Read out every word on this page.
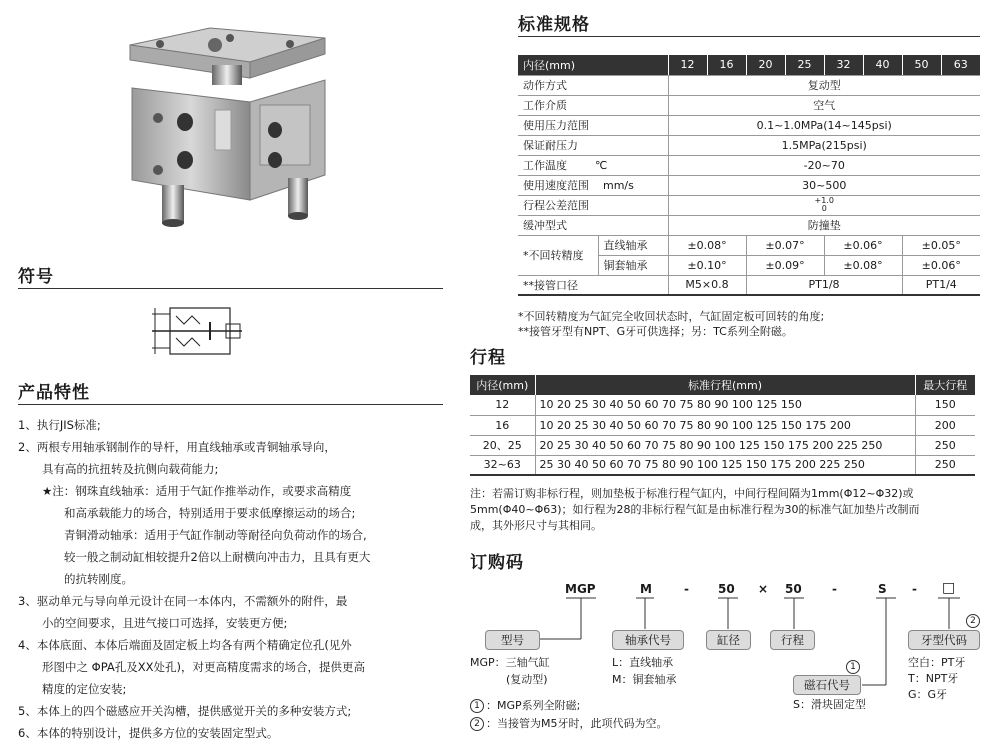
符号
产品特性
1、执行JIS标准;
2、两根专用轴承钢制作的导杆，用直线轴承或青铜轴承导向，
具有高的抗扭转及抗侧向载荷能力;
★注：钢珠直线轴承：适用于气缸作推举动作，或要求高精度
和高承载能力的场合，特别适用于要求低摩擦运动的场合;
青铜滑动轴承：适用于气缸作制动等耐径向负荷动作的场合,
较一般之制动缸相较提升2倍以上耐横向冲击力，且具有更大
的抗转刚度。
3、驱动单元与导向单元设计在同一本体内，不需额外的附件，最
小的空间要求，且进气接口可选择，安装更方便;
4、本体底面、本体后端面及固定板上均各有两个精确定位孔(见外
形图中之 ΦPA孔及XX处孔)，对更高精度需求的场合，提供更高
精度的定位安装;
5、本体上的四个磁感应开关沟槽，提供感觉开关的多种安装方式;
6、本体的特别设计，提供多方位的安装固定型式。
标准规格
内径(mm)		12	16	20	25	32	40	50	63
动作方式		复动型							
工作介质		空气							
使用压力范围		0.1~1.0MPa(14~145psi)							
保证耐压力		1.5MPa(215psi)							
工作温度 ℃		-20~70							
使用速度范围 mm/s		30~500							
行程公差范围		+1.0
0							

缓冲型式		防撞垫							
*不回转精度	直线轴承	±0.08°		±0.07°		±0.06°		±0.05°	
	铜套轴承	±0.10°		±0.09°		±0.08°		±0.06°	
**接管口径		M5×0.8		PT1/8				PT1/4	
*不回转精度为气缸完全收回状态时，气缸固定板可回转的角度;
**接管牙型有NPT、G牙可供选择；另：TC系列全附磁。
行程
内径(mm)	标准行程(mm)	最大行程
12	10 20 25 30 40 50 60 70 75 80 90 100 125 150	150
16	10 20 25 30 40 50 60 70 75 80 90 100 125 150 175 200	200
20、25	20 25 30 40 50 60 70 75 80 90 100 125 150 175 200 225 250	250
32~63	25 30 40 50 60 70 75 80 90 100 125 150 175 200 225 250	250
注：若需订购非标行程，则加垫板于标准行程气缸内，中间行程间隔为1mm(Φ12~Φ32)或
5mm(Φ40~Φ63)；如行程为28的非标行程气缸是由标准行程为30的标准气缸加垫片改制而
成，其外形尺寸与其相同。
订购码
MGP	M	- 50 × 50	-	S - □
型号
MGP：三轴气缸
(复动型)
轴承代号
L：直线轴承
M：铜套轴承
缸径	行程
1
磁石代号
S：滑块固定型
2
牙型代码
空白：PT牙
T：NPT牙
G：G牙
1 ：MGP系列全附磁;
2 ：当接管为M5牙时，此项代码为空。
